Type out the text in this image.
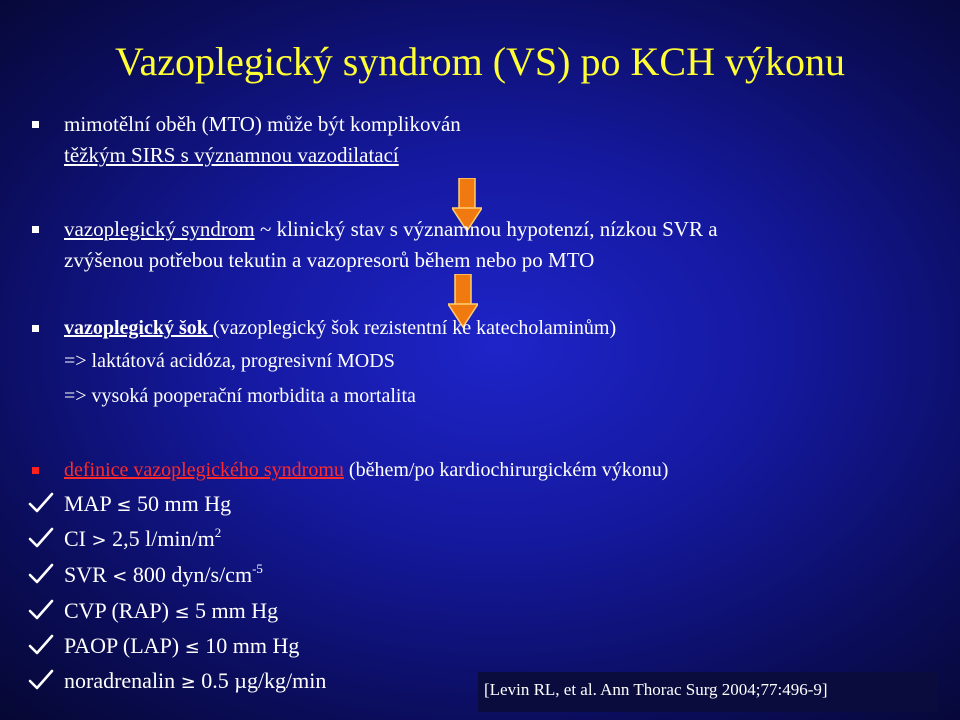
Vazoplegický syndrom (VS) po KCH výkonu
mimotělní oběh (MTO) může být komplikován
těžkým SIRS s významnou vazodilatací
vazoplegický syndrom ~ klinický stav s významnou hypotenzí, nízkou SVR a
zvýšenou potřebou tekutin a vazopresorů během nebo po MTO
vazoplegický šok (vazoplegický šok rezistentní ke katecholaminům)
=> laktátová acidóza, progresivní MODS
=> vysoká pooperační morbidita a mortalita
definice vazoplegického syndromu (během/po kardiochirurgickém výkonu)
MAP ≤ 50 mm Hg
CI > 2,5 $l/\min/m^2$
SVR < 800 dyn/$s/cm^{-5}$
CVP (RAP) ≤ 5 mm Hg
PAOP (LAP) ≤ 10 mm Hg
noradrenalin ≥ 0.5 µg/kg/min	[Levin RL, et al. Ann Thorac Surg 2004;77:496-9]
